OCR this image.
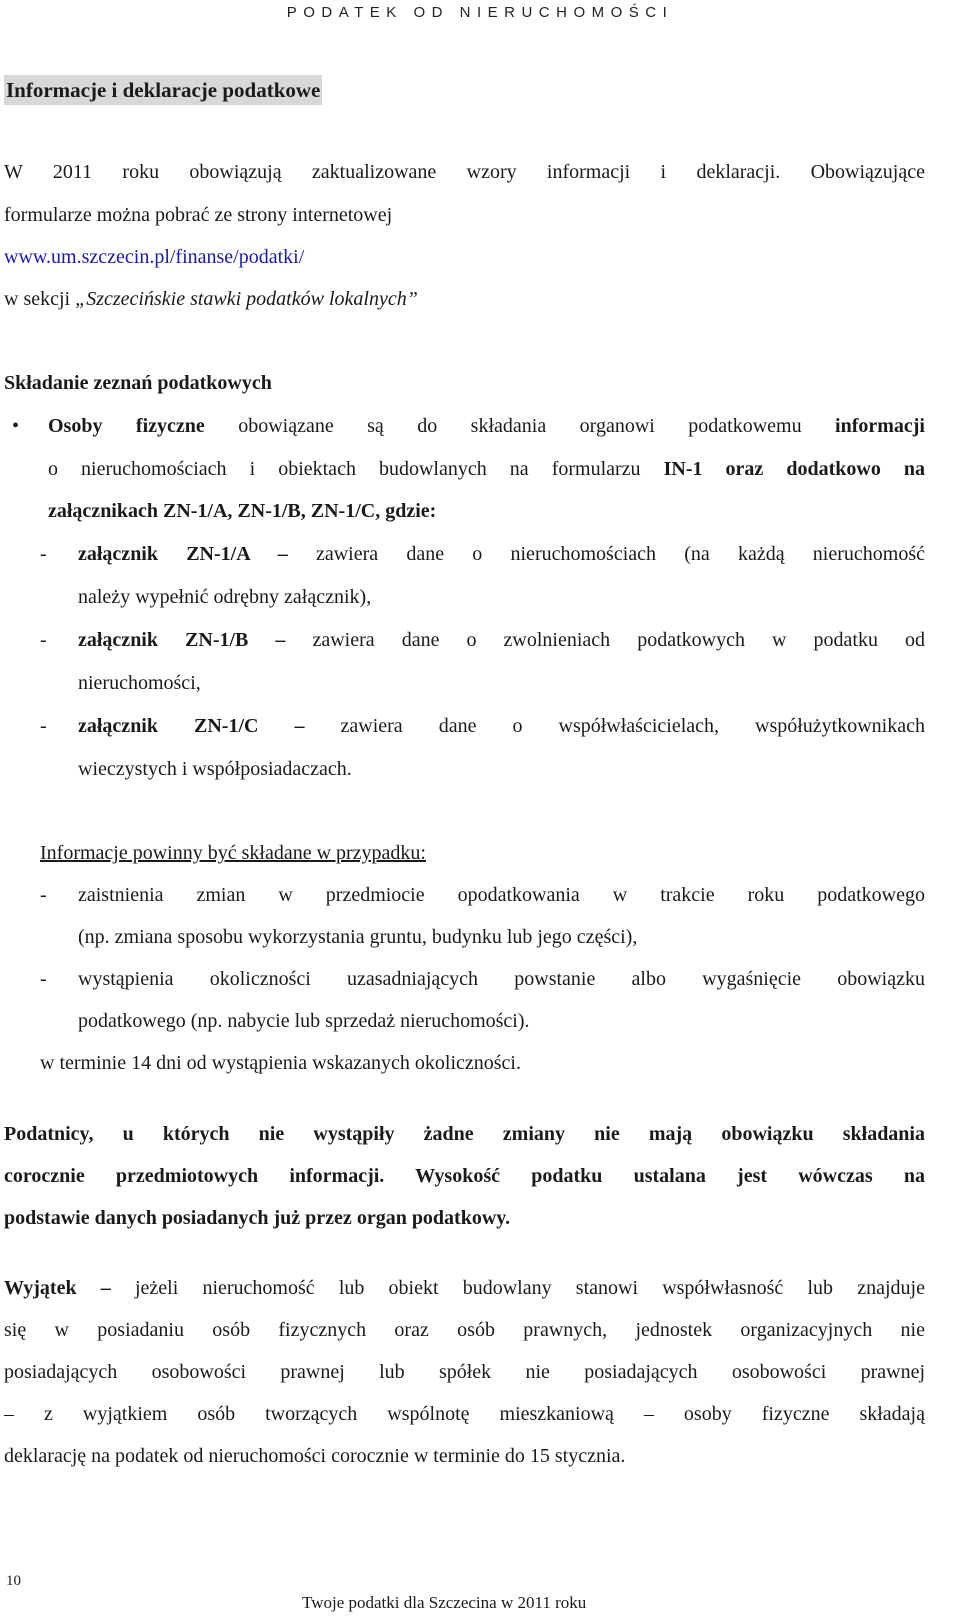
PODATEK OD NIERUCHOMOŚCI
Informacje i deklaracje podatkowe
W 2011 roku obowiązują zaktualizowane wzory informacji i deklaracji. Obowiązujące
formularze można pobrać ze strony internetowej
www.um.szczecin.pl/finanse/podatki/
w sekcji „Szczecińskie stawki podatków lokalnych”
Składanie zeznań podatkowych
• Osoby fizyczne obowiązane są do składania organowi podatkowemu informacji
o nieruchomościach i obiektach budowlanych na formularzu IN-1 oraz dodatkowo na
załącznikach ZN-1/A, ZN-1/B, ZN-1/C, gdzie:
- załącznik ZN-1/A – zawiera dane o nieruchomościach (na każdą nieruchomość
należy wypełnić odrębny załącznik),
- załącznik ZN-1/B – zawiera dane o zwolnieniach podatkowych w podatku od
nieruchomości,
- załącznik ZN-1/C – zawiera dane o współwłaścicielach, współużytkownikach
wieczystych i współposiadaczach.
Informacje powinny być składane w przypadku:
- zaistnienia zmian w przedmiocie opodatkowania w trakcie roku podatkowego
(np. zmiana sposobu wykorzystania gruntu, budynku lub jego części),
- wystąpienia okoliczności uzasadniających powstanie albo wygaśnięcie obowiązku
podatkowego (np. nabycie lub sprzedaż nieruchomości).
w terminie 14 dni od wystąpienia wskazanych okoliczności.
Podatnicy, u których nie wystąpiły żadne zmiany nie mają obowiązku składania
corocznie przedmiotowych informacji. Wysokość podatku ustalana jest wówczas na
podstawie danych posiadanych już przez organ podatkowy.
Wyjątek – jeżeli nieruchomość lub obiekt budowlany stanowi współwłasność lub znajduje
się w posiadaniu osób fizycznych oraz osób prawnych, jednostek organizacyjnych nie
posiadających osobowości prawnej lub spółek nie posiadających osobowości prawnej
– z wyjątkiem osób tworzących wspólnotę mieszkaniową – osoby fizyczne składają
deklarację na podatek od nieruchomości corocznie w terminie do 15 stycznia.
10
Twoje podatki dla Szczecina w 2011 roku
